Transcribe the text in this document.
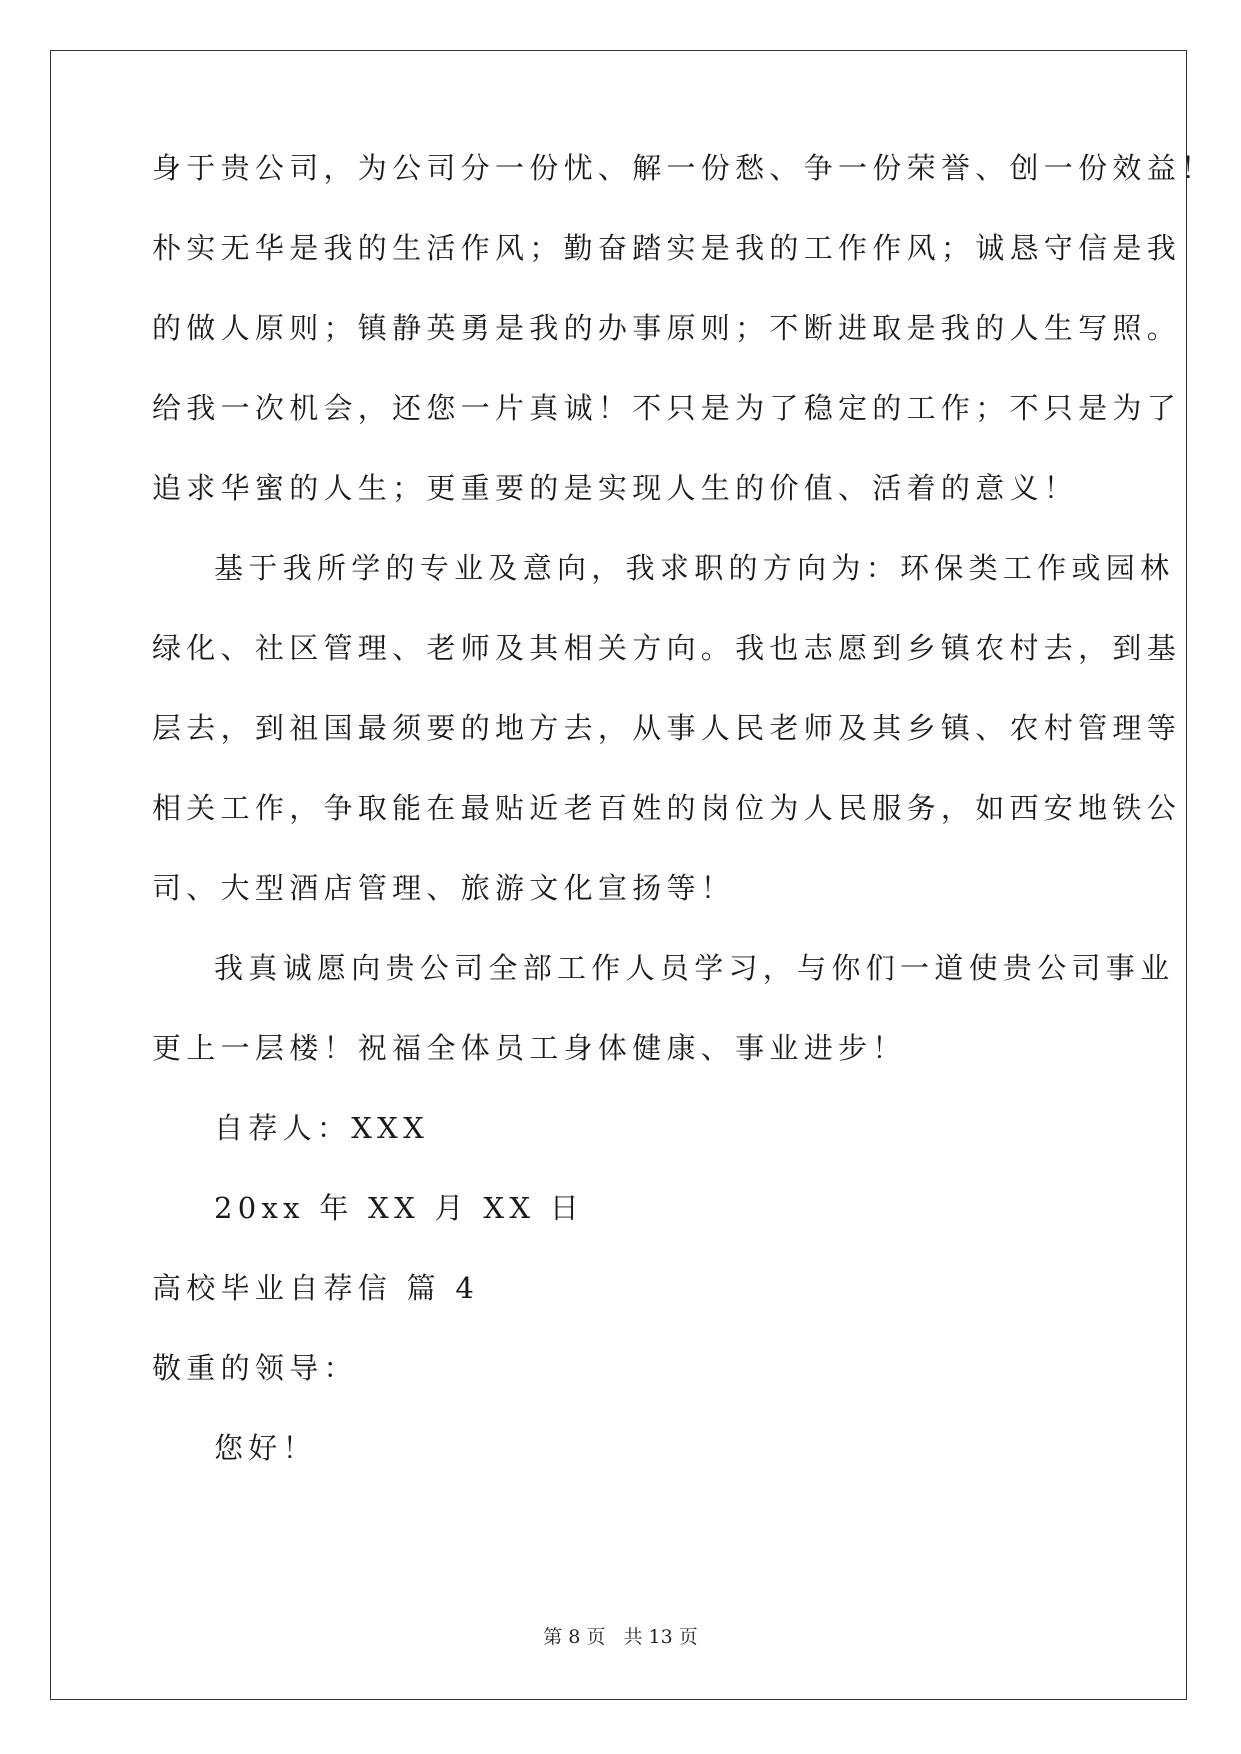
身于贵公司，为公司分一份忧、解一份愁、争一份荣誉、创一份效益！
朴实无华是我的生活作风；勤奋踏实是我的工作作风；诚恳守信是我
的做人原则；镇静英勇是我的办事原则；不断进取是我的人生写照。
给我一次机会，还您一片真诚！不只是为了稳定的工作；不只是为了
追求华蜜的人生；更重要的是实现人生的价值、活着的意义！
基于我所学的专业及意向，我求职的方向为：环保类工作或园林
绿化、社区管理、老师及其相关方向。我也志愿到乡镇农村去，到基
层去，到祖国最须要的地方去，从事人民老师及其乡镇、农村管理等
相关工作，争取能在最贴近老百姓的岗位为人民服务，如西安地铁公
司、大型酒店管理、旅游文化宣扬等！
我真诚愿向贵公司全部工作人员学习，与你们一道使贵公司事业
更上一层楼！祝福全体员工身体健康、事业进步！
自荐人：XXX
20xx 年 XX 月 XX 日
高校毕业自荐信 篇 4
敬重的领导：
您好！
第 8 页 共 13 页
